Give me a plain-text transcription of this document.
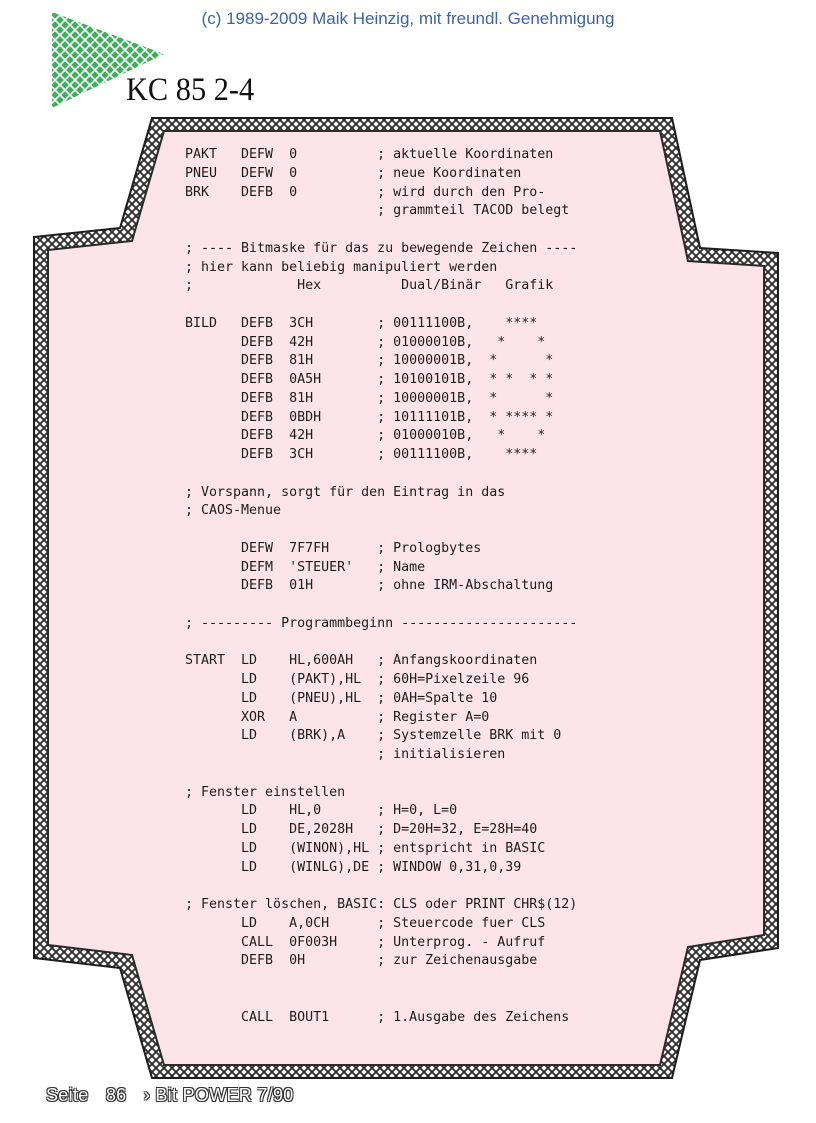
(c) 1989-2009 Maik Heinzig, mit freundl. Genehmigung
KC 85 2-4
PAKT   DEFW  0          ; aktuelle Koordinaten
PNEU   DEFW  0          ; neue Koordinaten
BRK    DEFB  0          ; wird durch den Pro-
; grammteil TACOD belegt
; ---- Bitmaske für das zu bewegende Zeichen ----
; hier kann beliebig manipuliert werden
;             Hex          Dual/Binär   Grafik
BILD   DEFB  3CH        ; 00111100B,    ****
DEFB  42H        ; 01000010B,   *    *
DEFB  81H        ; 10000001B,  *      *
DEFB  0A5H       ; 10100101B,  * *  * *
DEFB  81H        ; 10000001B,  *      *
DEFB  0BDH       ; 10111101B,  * **** *
DEFB  42H        ; 01000010B,   *    *
DEFB  3CH        ; 00111100B,    ****
; Vorspann, sorgt für den Eintrag in das
; CAOS-Menue
DEFW  7F7FH      ; Prologbytes
DEFM  'STEUER'   ; Name
DEFB  01H        ; ohne IRM-Abschaltung
; --------- Programmbeginn ----------------------
START  LD    HL,600AH   ; Anfangskoordinaten
LD    (PAKT),HL  ; 60H=Pixelzeile 96
LD    (PNEU),HL  ; 0AH=Spalte 10
XOR   A          ; Register A=0
LD    (BRK),A    ; Systemzelle BRK mit 0
; initialisieren
; Fenster einstellen
LD    HL,0       ; H=0, L=0
LD    DE,2028H   ; D=20H=32, E=28H=40
LD    (WINON),HL ; entspricht in BASIC
LD    (WINLG),DE ; WINDOW 0,31,0,39
; Fenster löschen, BASIC: CLS oder PRINT CHR$(12)
LD    A,0CH      ; Steuercode fuer CLS
CALL  0F003H     ; Unterprog. - Aufruf
DEFB  0H         ; zur Zeichenausgabe
CALL  BOUT1      ; 1.Ausgabe des Zeichens
Seite 86 › Bit POWER 7/90
